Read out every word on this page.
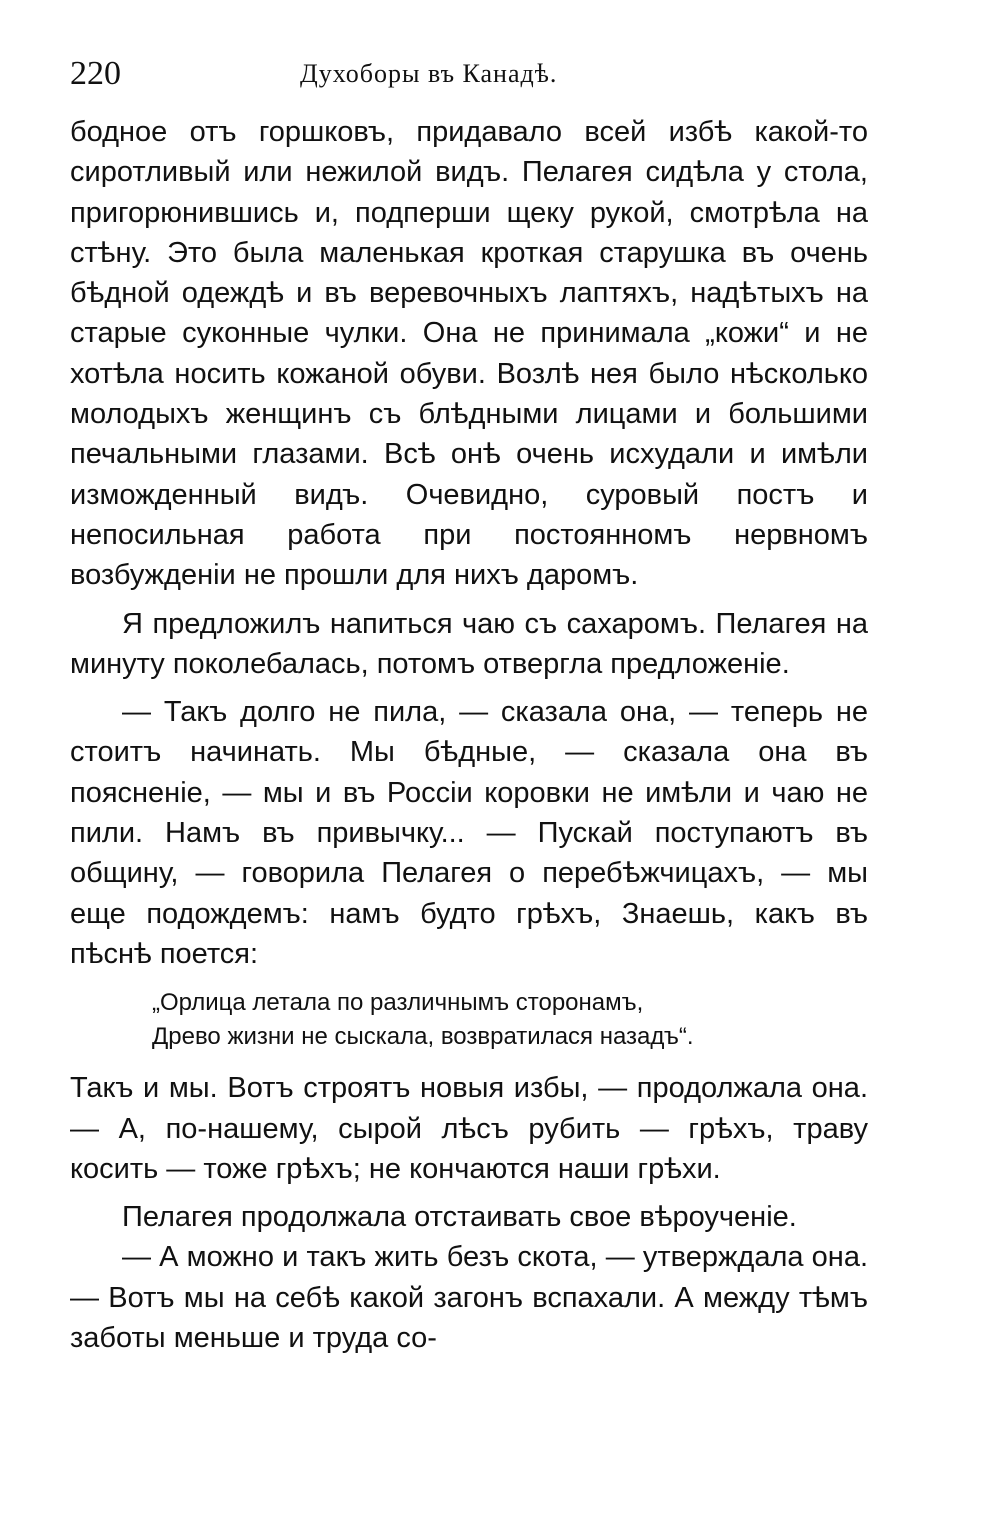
220	Духоборы въ Канадѣ.

бодное отъ горшковъ, придавало всей избѣ какой-то сиротливый или нежилой видъ. Пелагея сидѣла у стола, пригорюнившись и, подперши щеку рукой, смотрѣла на стѣну. Это была маленькая кроткая старушка въ очень бѣдной одеждѣ и въ веревочныхъ лаптяхъ, надѣтыхъ на старые суконные чулки. Она не принимала „кожи“ и не хотѣла носить кожаной обуви. Возлѣ нея было нѣсколько молодыхъ женщинъ съ блѣдными лицами и большими печальными глазами. Всѣ онѣ очень исхудали и имѣли изможденный видъ. Очевидно, суровый постъ и непосильная работа при постоянномъ нервномъ возбужденіи не прошли для нихъ даромъ.

Я предложилъ напиться чаю съ сахаромъ. Пелагея на минуту поколебалась, потомъ отвергла предложеніе.

— Такъ долго не пила, — сказала она, — теперь не стоитъ начинать. Мы бѣдные, — сказала она въ поясненіе, — мы и въ Россіи коровки не имѣли и чаю не пили. Намъ въ привычку... — Пускай поступаютъ въ общину, — говорила Пелагея о перебѣжчицахъ, — мы еще подождемъ: намъ будто грѣхъ, Знаешь, какъ въ пѣснѣ поется:

„Орлица летала по различнымъ сторонамъ,
Древо жизни не сыскала, возвратилася назадъ“.

Такъ и мы. Вотъ строятъ новыя избы, — продолжала она. — А, по-нашему, сырой лѣсъ рубить — грѣхъ, траву косить — тоже грѣхъ; не кончаются наши грѣхи.

Пелагея продолжала отстаивать свое вѣроученіе.

— А можно и такъ жить безъ скота, — утверждала она. — Вотъ мы на себѣ какой загонъ вспахали. А между тѣмъ заботы меньше и труда со-
